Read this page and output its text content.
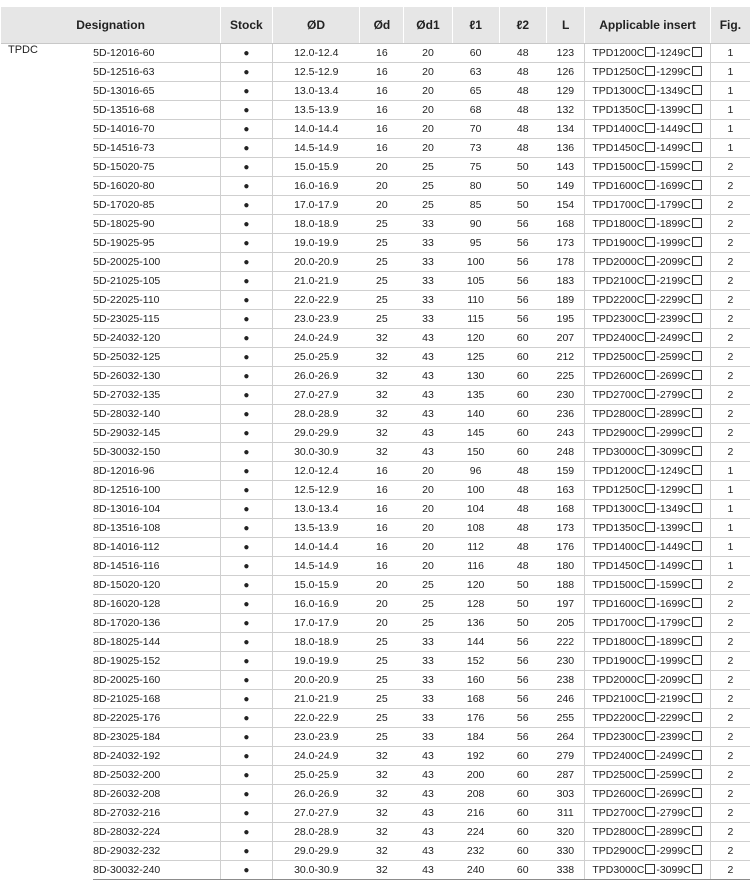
Designation		Stock	ØD	Ød	Ød1	ℓ1	ℓ2	L	Applicable insert	Fig.
TPDC	5D-12016-60	●	12.0-12.4	16	20	60	48	123	TPD1200C -1249C	1
	5D-12516-63	●	12.5-12.9	16	20	63	48	126	TPD1250C -1299C	1
	5D-13016-65	●	13.0-13.4	16	20	65	48	129	TPD1300C -1349C	1
	5D-13516-68	●	13.5-13.9	16	20	68	48	132	TPD1350C -1399C	1
	5D-14016-70	●	14.0-14.4	16	20	70	48	134	TPD1400C -1449C	1
	5D-14516-73	●	14.5-14.9	16	20	73	48	136	TPD1450C -1499C	1
	5D-15020-75	●	15.0-15.9	20	25	75	50	143	TPD1500C -1599C	2
	5D-16020-80	●	16.0-16.9	20	25	80	50	149	TPD1600C -1699C	2
	5D-17020-85	●	17.0-17.9	20	25	85	50	154	TPD1700C -1799C	2
	5D-18025-90	●	18.0-18.9	25	33	90	56	168	TPD1800C -1899C	2
	5D-19025-95	●	19.0-19.9	25	33	95	56	173	TPD1900C -1999C	2
	5D-20025-100	●	20.0-20.9	25	33	100	56	178	TPD2000C -2099C	2
	5D-21025-105	●	21.0-21.9	25	33	105	56	183	TPD2100C -2199C	2
	5D-22025-110	●	22.0-22.9	25	33	110	56	189	TPD2200C -2299C	2
	5D-23025-115	●	23.0-23.9	25	33	115	56	195	TPD2300C -2399C	2
	5D-24032-120	●	24.0-24.9	32	43	120	60	207	TPD2400C -2499C	2
	5D-25032-125	●	25.0-25.9	32	43	125	60	212	TPD2500C -2599C	2
	5D-26032-130	●	26.0-26.9	32	43	130	60	225	TPD2600C -2699C	2
	5D-27032-135	●	27.0-27.9	32	43	135	60	230	TPD2700C -2799C	2
	5D-28032-140	●	28.0-28.9	32	43	140	60	236	TPD2800C -2899C	2
	5D-29032-145	●	29.0-29.9	32	43	145	60	243	TPD2900C -2999C	2
	5D-30032-150	●	30.0-30.9	32	43	150	60	248	TPD3000C -3099C	2
	8D-12016-96	●	12.0-12.4	16	20	96	48	159	TPD1200C -1249C	1
	8D-12516-100	●	12.5-12.9	16	20	100	48	163	TPD1250C -1299C	1
	8D-13016-104	●	13.0-13.4	16	20	104	48	168	TPD1300C -1349C	1
	8D-13516-108	●	13.5-13.9	16	20	108	48	173	TPD1350C -1399C	1
	8D-14016-112	●	14.0-14.4	16	20	112	48	176	TPD1400C -1449C	1
	8D-14516-116	●	14.5-14.9	16	20	116	48	180	TPD1450C -1499C	1
	8D-15020-120	●	15.0-15.9	20	25	120	50	188	TPD1500C -1599C	2
	8D-16020-128	●	16.0-16.9	20	25	128	50	197	TPD1600C -1699C	2
	8D-17020-136	●	17.0-17.9	20	25	136	50	205	TPD1700C -1799C	2
	8D-18025-144	●	18.0-18.9	25	33	144	56	222	TPD1800C -1899C	2
	8D-19025-152	●	19.0-19.9	25	33	152	56	230	TPD1900C -1999C	2
	8D-20025-160	●	20.0-20.9	25	33	160	56	238	TPD2000C -2099C	2
	8D-21025-168	●	21.0-21.9	25	33	168	56	246	TPD2100C -2199C	2
	8D-22025-176	●	22.0-22.9	25	33	176	56	255	TPD2200C -2299C	2
	8D-23025-184	●	23.0-23.9	25	33	184	56	264	TPD2300C -2399C	2
	8D-24032-192	●	24.0-24.9	32	43	192	60	279	TPD2400C -2499C	2
	8D-25032-200	●	25.0-25.9	32	43	200	60	287	TPD2500C -2599C	2
	8D-26032-208	●	26.0-26.9	32	43	208	60	303	TPD2600C -2699C	2
	8D-27032-216	●	27.0-27.9	32	43	216	60	311	TPD2700C -2799C	2
	8D-28032-224	●	28.0-28.9	32	43	224	60	320	TPD2800C -2899C	2
	8D-29032-232	●	29.0-29.9	32	43	232	60	330	TPD2900C -2999C	2
	8D-30032-240	●	30.0-30.9	32	43	240	60	338	TPD3000C -3099C	2
